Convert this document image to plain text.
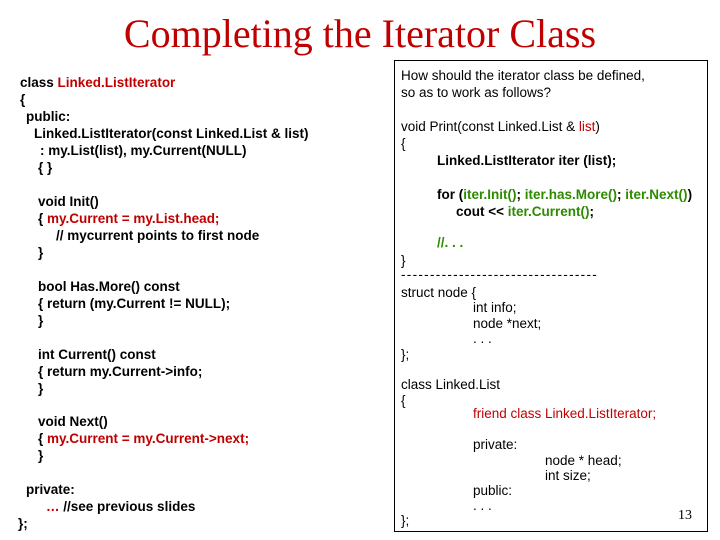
Completing the Iterator Class

class Linked.ListIterator

{

public:

Linked.ListIterator(const Linked.List & list)

: my.List(list), my.Current(NULL)

{ }

void Init()

{ my.Current = my.List.head;

// mycurrent points to first node

}

bool Has.More() const

{ return (my.Current != NULL);

}

int Current() const

{ return my.Current->info;

}

void Next()

{ my.Current = my.Current->next;

}

private:

… //see previous slides

};

How should the iterator class be defined,

so as to work as follows?

void Print(const Linked.List & list)

{

Linked.ListIterator iter (list);

for (iter.Init(); iter.has.More(); iter.Next())

cout << iter.Current();

//. . .

}

----------------------------------

struct node {

int info;

node *next;

. . .

};

class Linked.List

{

friend class Linked.ListIterator;

private:

node * head;

int size;

public:

. . .

};	13
